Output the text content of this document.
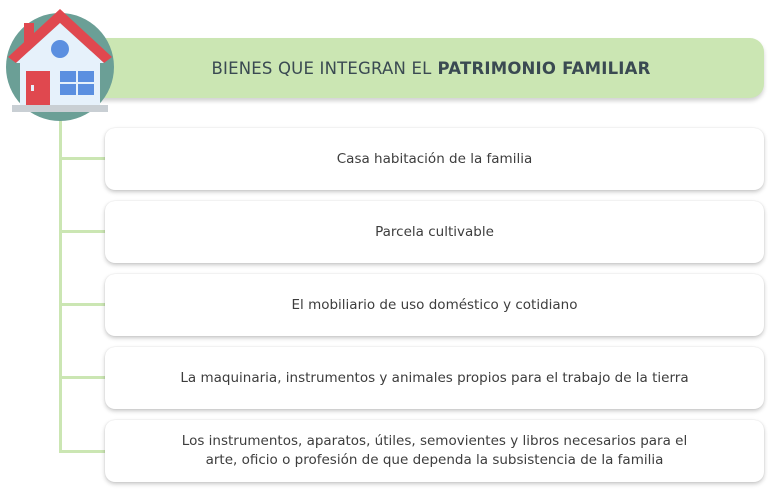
BIENES QUE INTEGRAN EL PATRIMONIO FAMILIAR
Casa habitación de la familia
Parcela cultivable
El mobiliario de uso doméstico y cotidiano
La maquinaria, instrumentos y animales propios para el trabajo de la tierra
Los instrumentos, aparatos, útiles, semovientes y libros necesarios para el arte, oficio o profesión de que dependa la subsistencia de la familia
